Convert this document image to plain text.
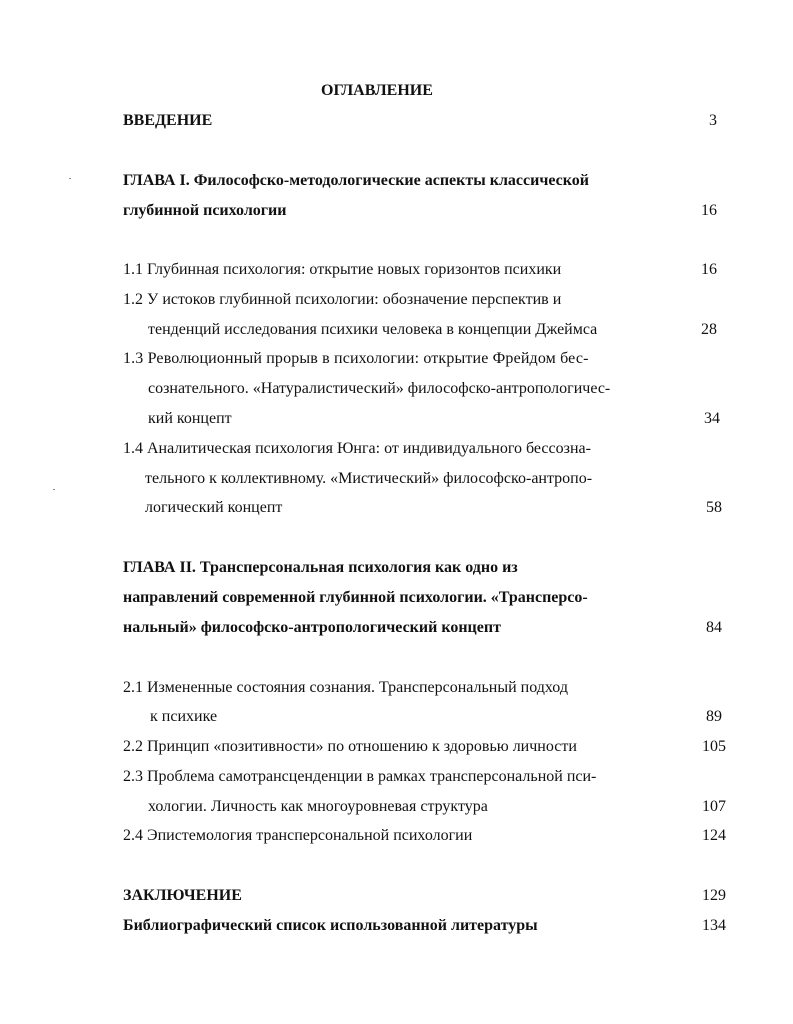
ОГЛАВЛЕНИЕ
ВВЕДЕНИЕ	3
ГЛАВА I. Философско-методологические аспекты классической
глубинной психологии	16
1.1 Глубинная психология: открытие новых горизонтов психики	16
1.2 У истоков глубинной психологии: обозначение перспектив и
тенденций исследования психики человека в концепции Джеймса	28
1.3 Революционный прорыв в психологии: открытие Фрейдом бес-
сознательного. «Натуралистический» философско-антропологичес-
кий концепт	34
1.4 Аналитическая психология Юнга: от индивидуального бессозна-
тельного к коллективному. «Мистический» философско-антропо-
логический концепт	58
ГЛАВА II. Трансперсональная психология как одно из
направлений современной глубинной психологии. «Трансперсо-
нальный» философско-антропологический концепт	84
2.1 Измененные состояния сознания. Трансперсональный подход
к психике	89
2.2 Принцип «позитивности» по отношению к здоровью личности	105
2.3 Проблема самотрансценденции в рамках трансперсональной пси-
хологии. Личность как многоуровневая структура	107
2.4 Эпистемология трансперсональной психологии	124
ЗАКЛЮЧЕНИЕ	129
Библиографический список использованной литературы	134
